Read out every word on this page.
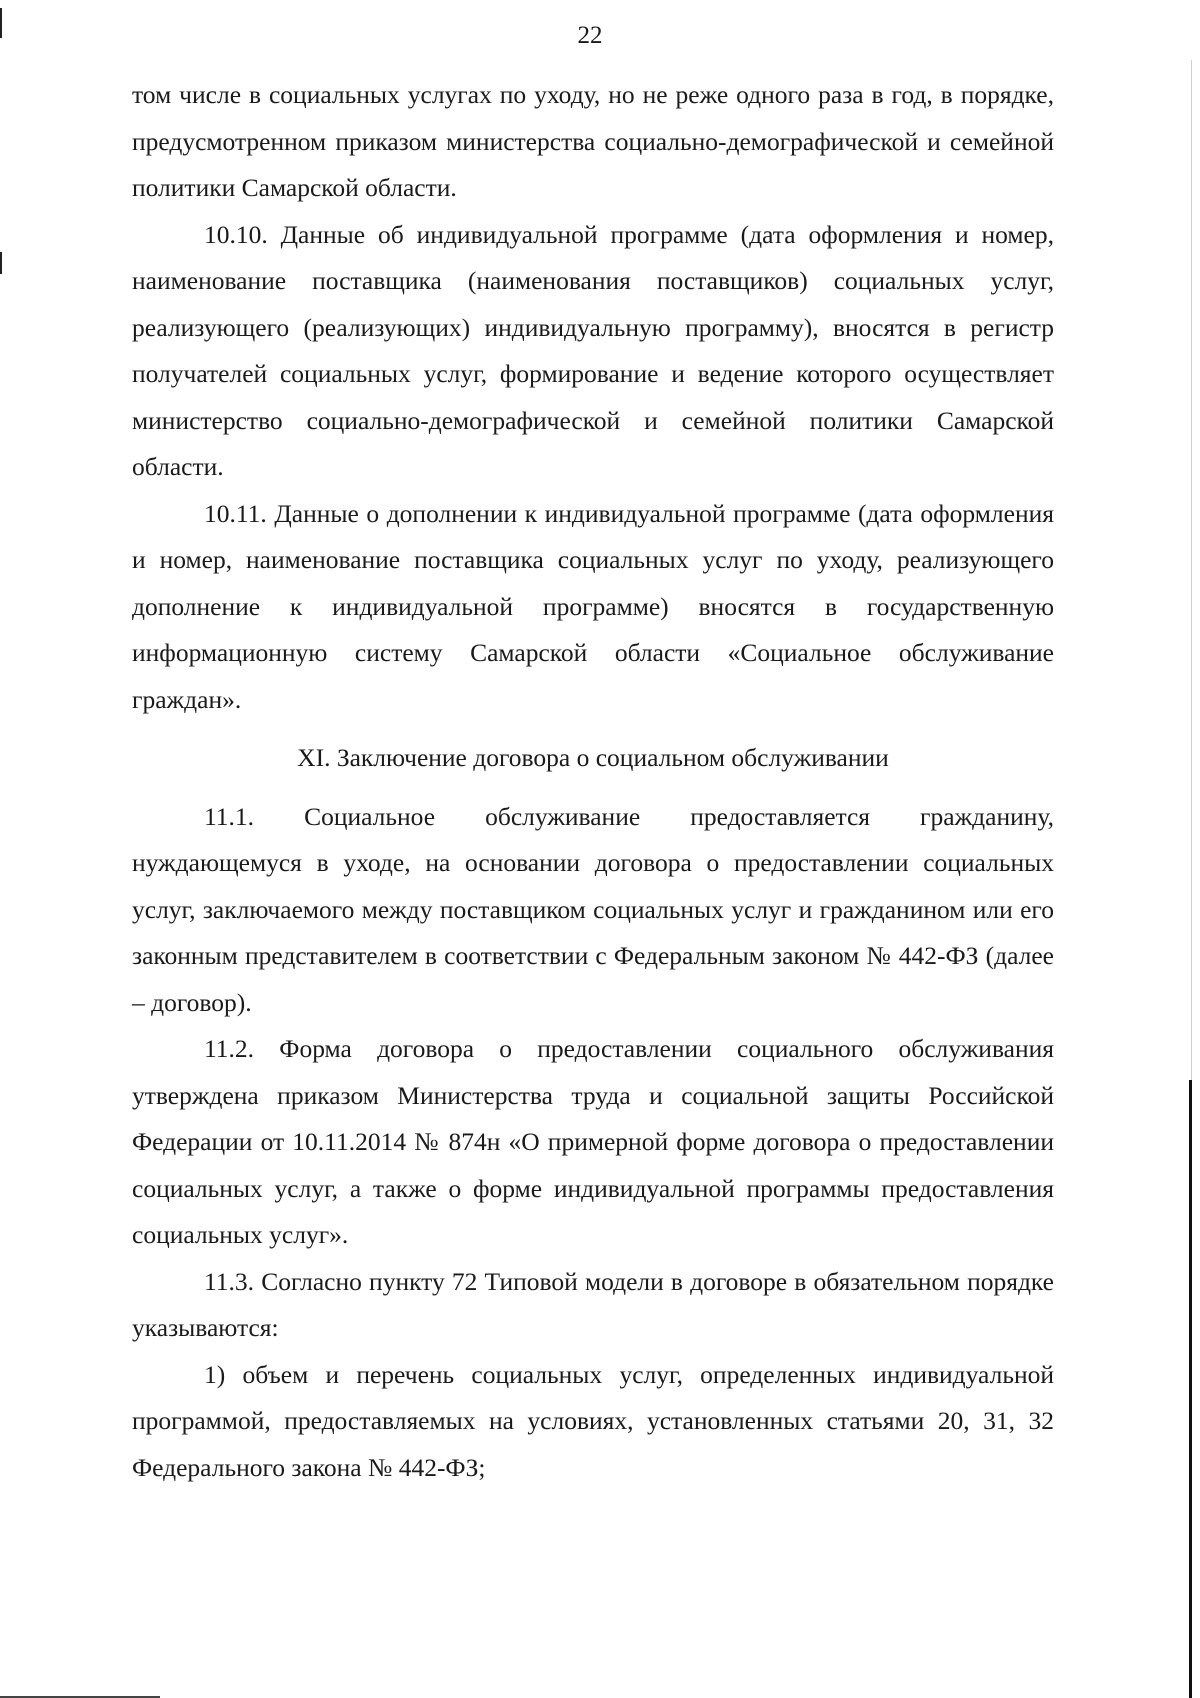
22

том числе в социальных услугах по уходу, но не реже одного раза в год, в порядке, предусмотренном приказом министерства социально-демографической и семейной политики Самарской области.

10.10. Данные об индивидуальной программе (дата оформления и номер, наименование поставщика (наименования поставщиков) социальных услуг, реализующего (реализующих) индивидуальную программу), вносятся в регистр получателей социальных услуг, формирование и ведение которого осуществляет министерство социально-демографической и семейной политики Самарской области.

10.11. Данные о дополнении к индивидуальной программе (дата оформления и номер, наименование поставщика социальных услуг по уходу, реализующего дополнение к индивидуальной программе) вносятся в государственную информационную систему Самарской области «Социальное обслуживание граждан».

XI. Заключение договора о социальном обслуживании

11.1. Социальное обслуживание предоставляется гражданину, нуждающемуся в уходе, на основании договора о предоставлении социальных услуг, заключаемого между поставщиком социальных услуг и гражданином или его законным представителем в соответствии с Федеральным законом № 442-ФЗ (далее – договор).

11.2. Форма договора о предоставлении социального обслуживания утверждена приказом Министерства труда и социальной защиты Российской Федерации от 10.11.2014 № 874н «О примерной форме договора о предоставлении социальных услуг, а также о форме индивидуальной программы предоставления социальных услуг».

11.3. Согласно пункту 72 Типовой модели в договоре в обязательном порядке указываются:

1) объем и перечень социальных услуг, определенных индивидуальной программой, предоставляемых на условиях, установленных статьями 20, 31, 32 Федерального закона № 442-ФЗ;
